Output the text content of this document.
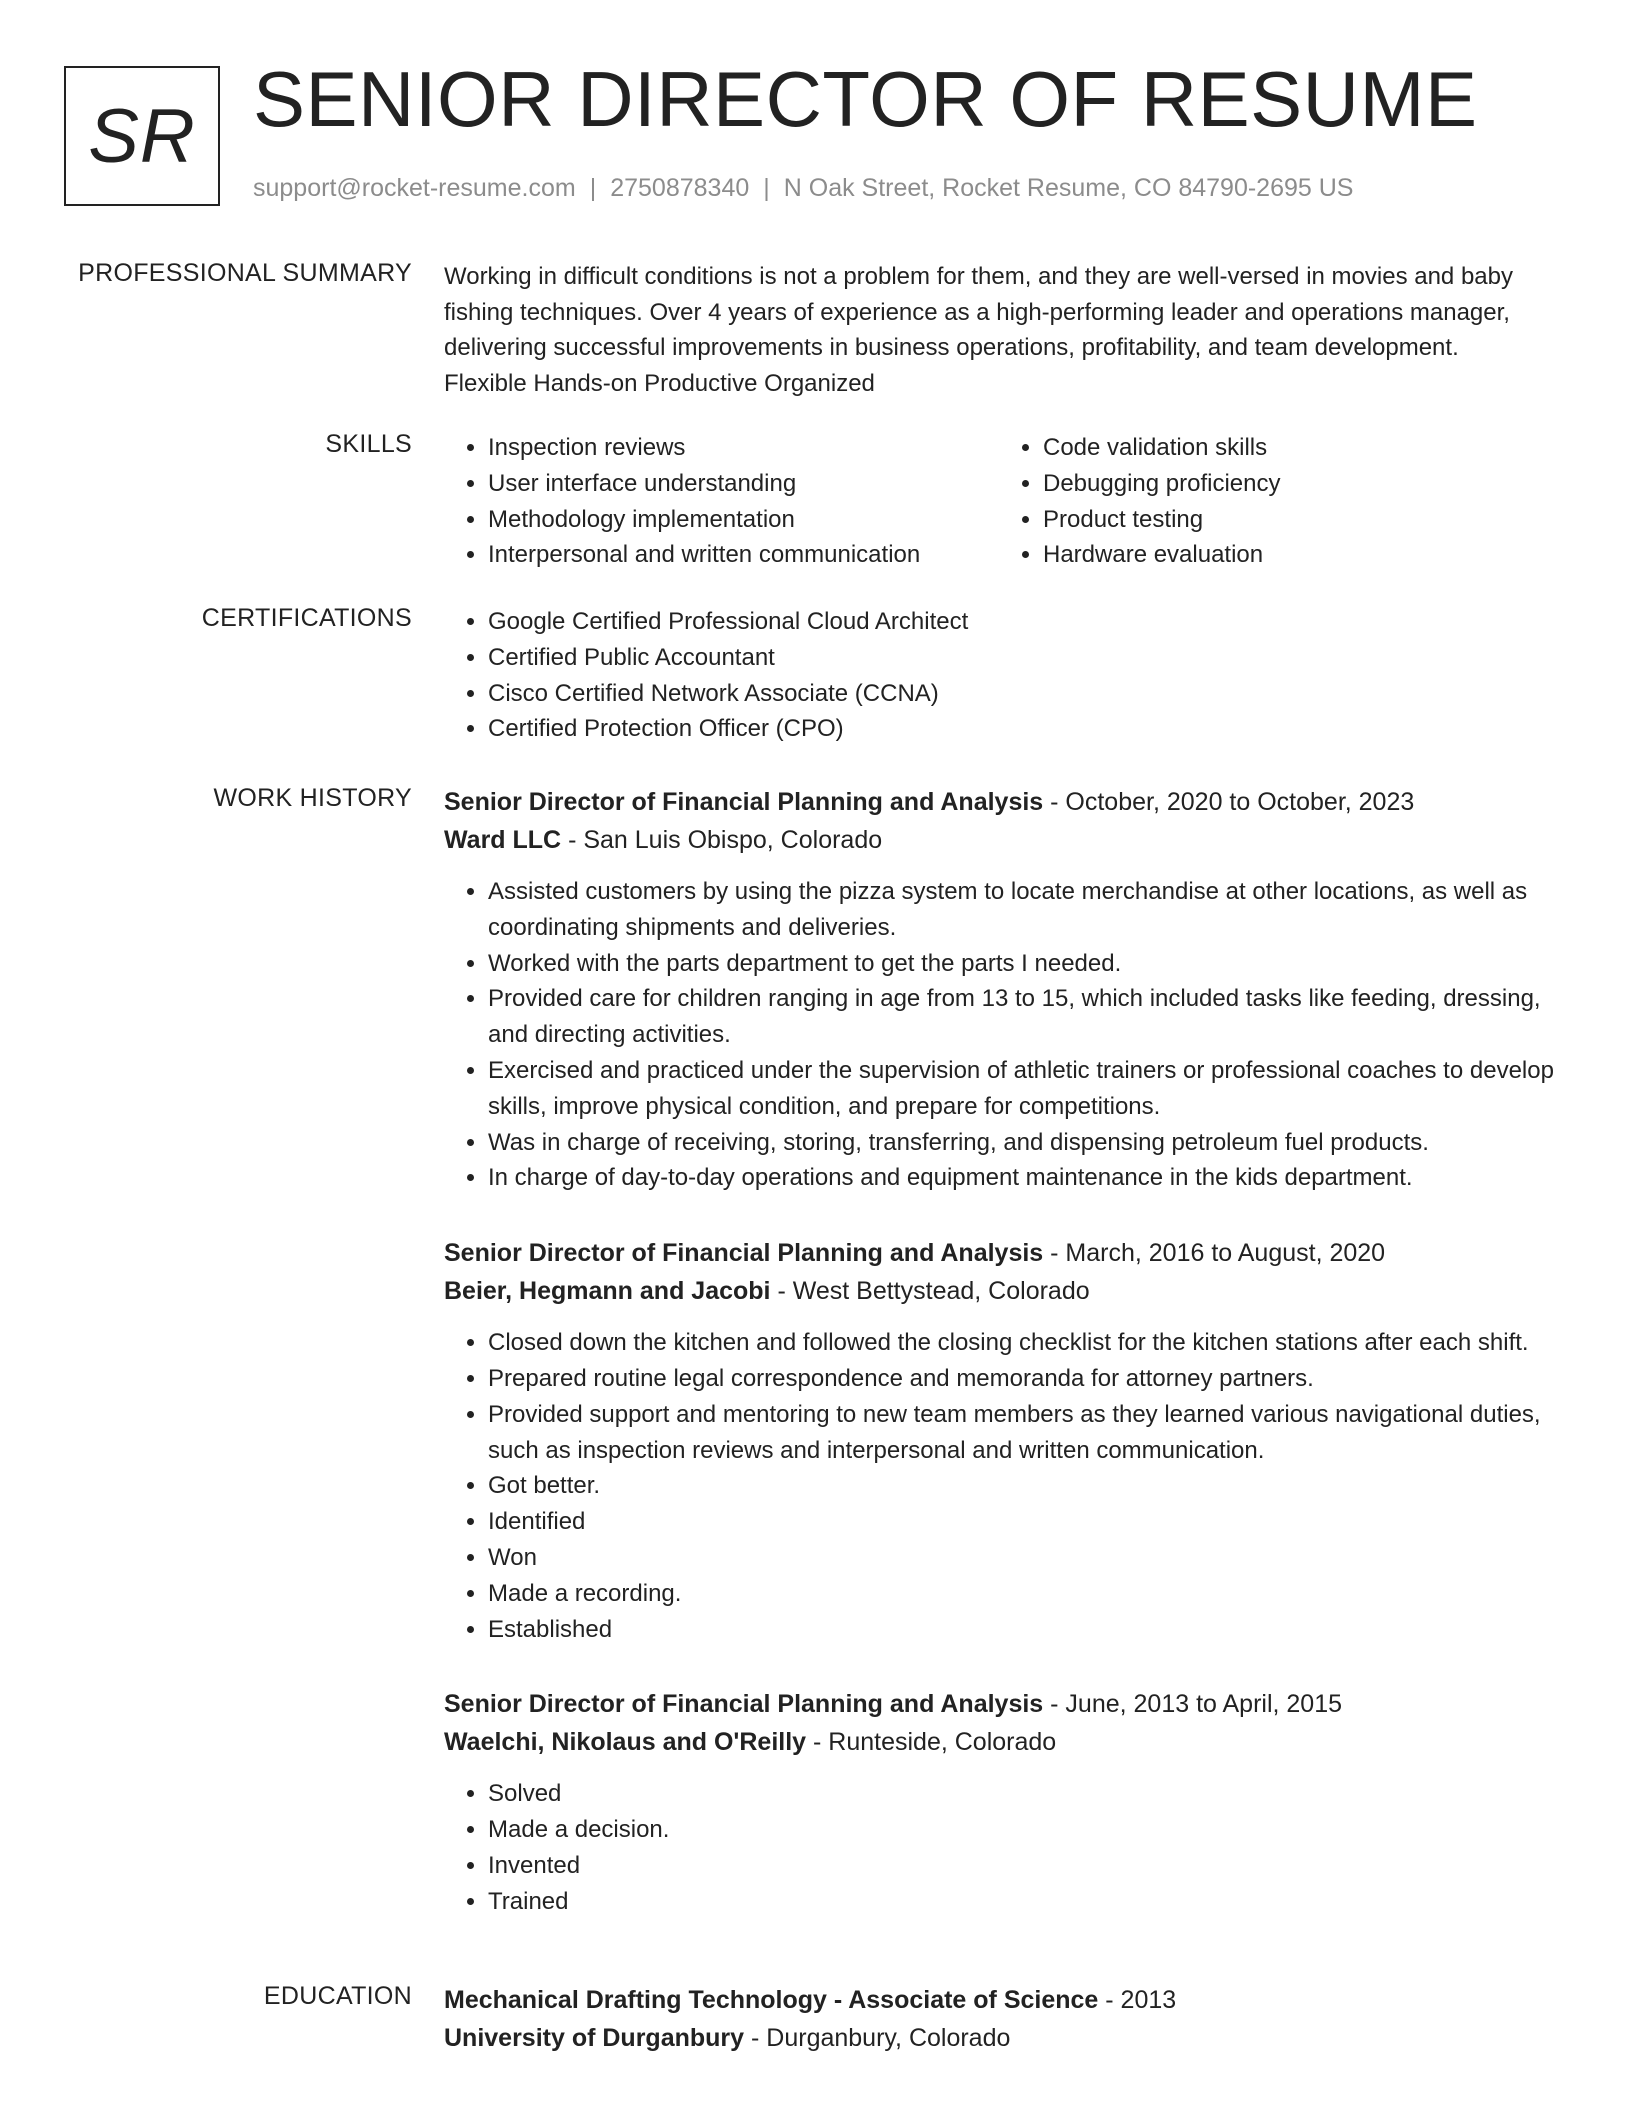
SR SENIOR DIRECTOR OF RESUME
support@rocket-resume.com | 2750878340 | N Oak Street, Rocket Resume, CO 84790-2695 US
PROFESSIONAL SUMMARY Working in difficult conditions is not a problem for them, and they are well-versed in movies and baby fishing techniques. Over 4 years of experience as a high-performing leader and operations manager, delivering successful improvements in business operations, profitability, and team development.

Flexible Hands-on Productive Organized

SKILLS	• Inspection reviews
• User interface understanding
• Methodology implementation
• Interpersonal and written communication
• Code validation skills
• Debugging proficiency
• Product testing
• Hardware evaluation
CERTIFICATIONS	• Google Certified Professional Cloud Architect
• Certified Public Accountant
• Cisco Certified Network Associate (CCNA)
• Certified Protection Officer (CPO)
WORK HISTORY Senior Director of Financial Planning and Analysis - October, 2020 to October, 2023
Ward LLC - San Luis Obispo, Colorado
• Assisted customers by using the pizza system to locate merchandise at other locations, as well as coordinating shipments and deliveries.
• Worked with the parts department to get the parts I needed.
• Provided care for children ranging in age from 13 to 15, which included tasks like feeding, dressing, and directing activities.
• Exercised and practiced under the supervision of athletic trainers or professional coaches to develop skills, improve physical condition, and prepare for competitions.
• Was in charge of receiving, storing, transferring, and dispensing petroleum fuel products.
• In charge of day-to-day operations and equipment maintenance in the kids department.
Senior Director of Financial Planning and Analysis - March, 2016 to August, 2020
Beier, Hegmann and Jacobi - West Bettystead, Colorado
• Closed down the kitchen and followed the closing checklist for the kitchen stations after each shift.
• Prepared routine legal correspondence and memoranda for attorney partners.
• Provided support and mentoring to new team members as they learned various navigational duties, such as inspection reviews and interpersonal and written communication.
• Got better.
• Identified
• Won
• Made a recording.
• Established
Senior Director of Financial Planning and Analysis - June, 2013 to April, 2015
Waelchi, Nikolaus and O'Reilly - Runteside, Colorado
• Solved
• Made a decision.
• Invented
• Trained
EDUCATION Mechanical Drafting Technology - Associate of Science - 2013
University of Durganbury - Durganbury, Colorado
